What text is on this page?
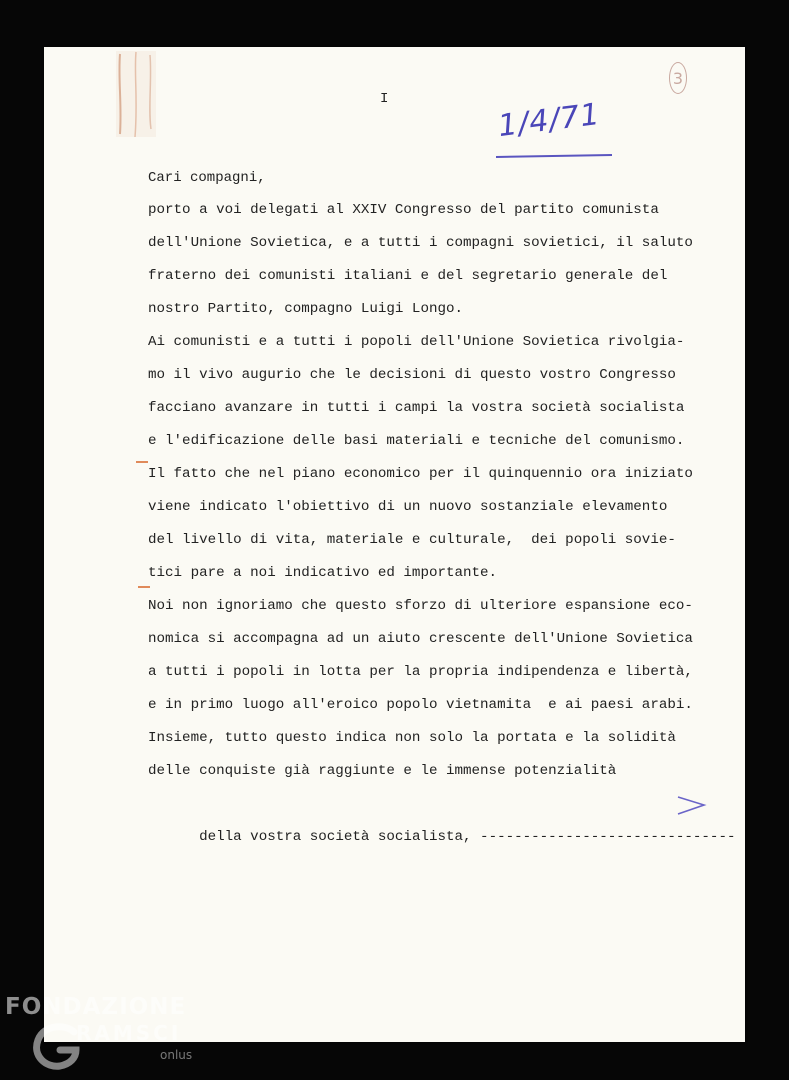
3
I	1/4/71
Cari compagni,
porto a voi delegati al XXIV Congresso del partito comunista
dell'Unione Sovietica, e a tutti i compagni sovietici, il saluto
fraterno dei comunisti italiani e del segretario generale del
nostro Partito, compagno Luigi Longo.
Ai comunisti e a tutti i popoli dell'Unione Sovietica rivolgia-
mo il vivo augurio che le decisioni di questo vostro Congresso
facciano avanzare in tutti i campi la vostra società socialista
e l'edificazione delle basi materiali e tecniche del comunismo.
Il fatto che nel piano economico per il quinquennio ora iniziato
viene indicato l'obiettivo di un nuovo sostanziale elevamento
del livello di vita, materiale e culturale,  dei popoli sovie-
tici pare a noi indicativo ed importante.
Noi non ignoriamo che questo sforzo di ulteriore espansione eco-
nomica si accompagna ad un aiuto crescente dell'Unione Sovietica
a tutti i popoli in lotta per la propria indipendenza e libertà,
e in primo luogo all'eroico popolo vietnamita  e ai paesi arabi.
Insieme, tutto questo indica non solo la portata e la solidità
delle conquiste già raggiunte e le immense potenzialità

della vostra società socialista, ------------------------------

FONDAZIONE
RAMSCI
onlus
